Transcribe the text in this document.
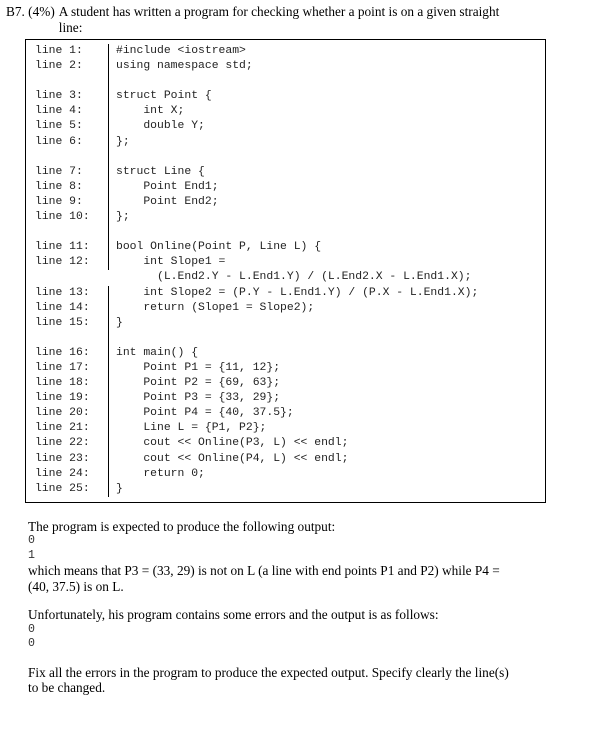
B7. (4%) A student has written a program for checking whether a point is on a given straight
line:
line 1:	#include <iostream>
line 2:	using namespace std;
line 3:	struct Point {
line 4:	int X;
line 5:	double Y;
line 6:	};
line 7:	struct Line {
line 8:	Point End1;
line 9:	Point End2;
line 10:	};
line 11:	bool Online(Point P, Line L) {
line 12:	int Slope1 =
(L.End2.Y - L.End1.Y) / (L.End2.X - L.End1.X);
line 13:	int Slope2 = (P.Y - L.End1.Y) / (P.X - L.End1.X);
line 14:	return (Slope1 = Slope2);
line 15:	}
line 16:	int main() {
line 17:	Point P1 = {11, 12};
line 18:	Point P2 = {69, 63};
line 19:	Point P3 = {33, 29};
line 20:	Point P4 = {40, 37.5};
line 21:	Line L = {P1, P2};
line 22:	cout << Online(P3, L) << endl;
line 23:	cout << Online(P4, L) << endl;
line 24:	return 0;
line 25:	}

The program is expected to produce the following output:

0
1

which means that P3 = (33, 29) is not on L (a line with end points P1 and P2) while P4 =

(40, 37.5) is on L.

Unfortunately, his program contains some errors and the output is as follows:

0
0

Fix all the errors in the program to produce the expected output. Specify clearly the line(s)

to be changed.
